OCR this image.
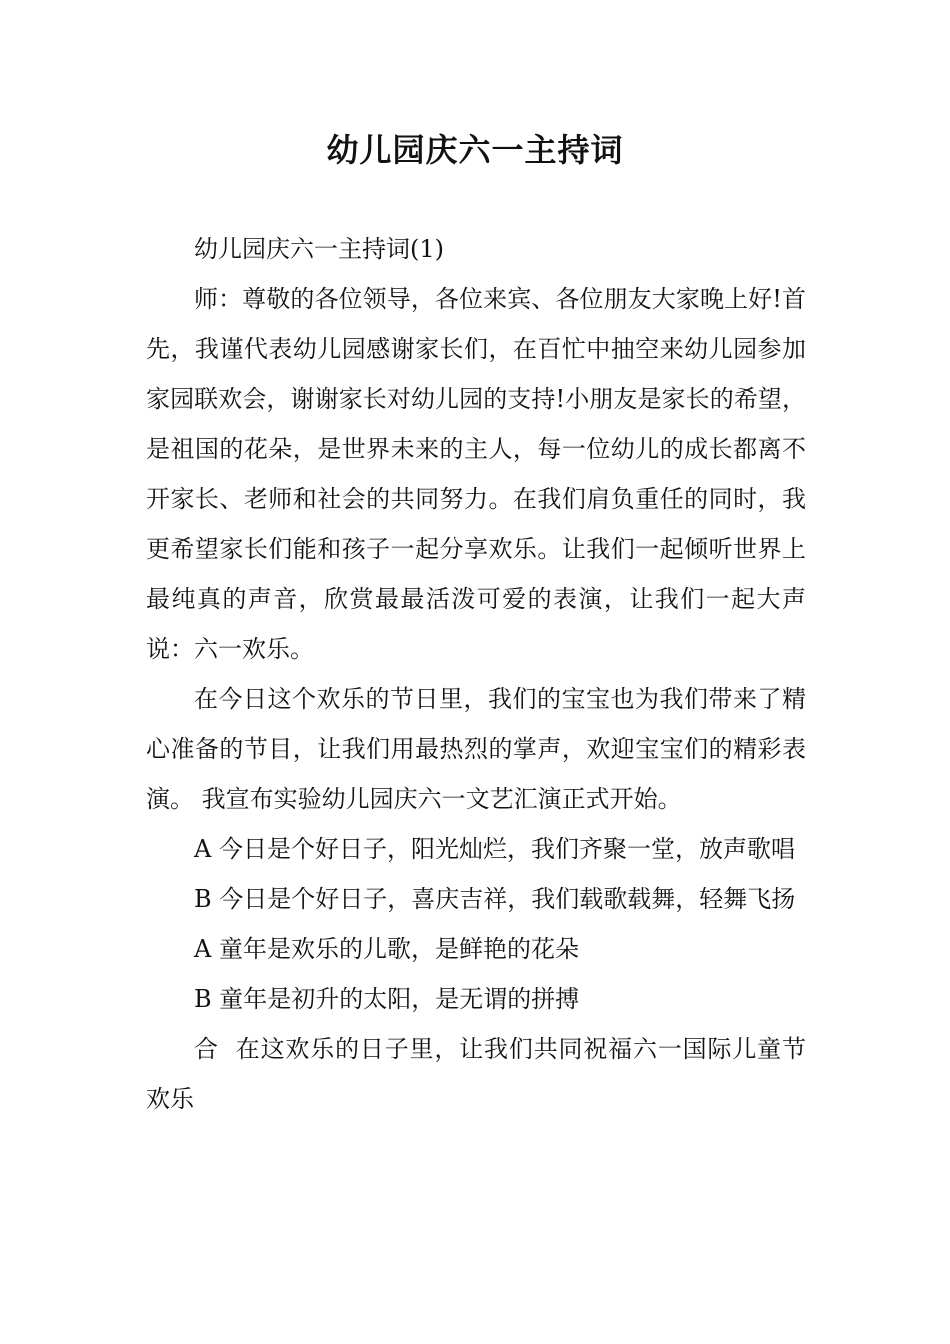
幼儿园庆六一主持词

幼儿园庆六一主持词(1)

师：尊敬的各位领导，各位来宾、各位朋友大家晚上好!首先，我谨代表幼儿园感谢家长们，在百忙中抽空来幼儿园参加家园联欢会，谢谢家长对幼儿园的支持!小朋友是家长的希望，是祖国的花朵，是世界未来的主人，每一位幼儿的成长都离不开家长、老师和社会的共同努力。在我们肩负重任的同时，我更希望家长们能和孩子一起分享欢乐。让我们一起倾听世界上最纯真的声音，欣赏最最活泼可爱的表演，让我们一起大声说：六一欢乐。

在今日这个欢乐的节日里，我们的宝宝也为我们带来了精心准备的节目，让我们用最热烈的掌声，欢迎宝宝们的精彩表演。 我宣布实验幼儿园庆六一文艺汇演正式开始。

A 今日是个好日子，阳光灿烂，我们齐聚一堂，放声歌唱

B 今日是个好日子，喜庆吉祥，我们载歌载舞，轻舞飞扬

A 童年是欢乐的儿歌，是鲜艳的花朵

B 童年是初升的太阳，是无谓的拼搏

合  在这欢乐的日子里，让我们共同祝福六一国际儿童节欢乐
